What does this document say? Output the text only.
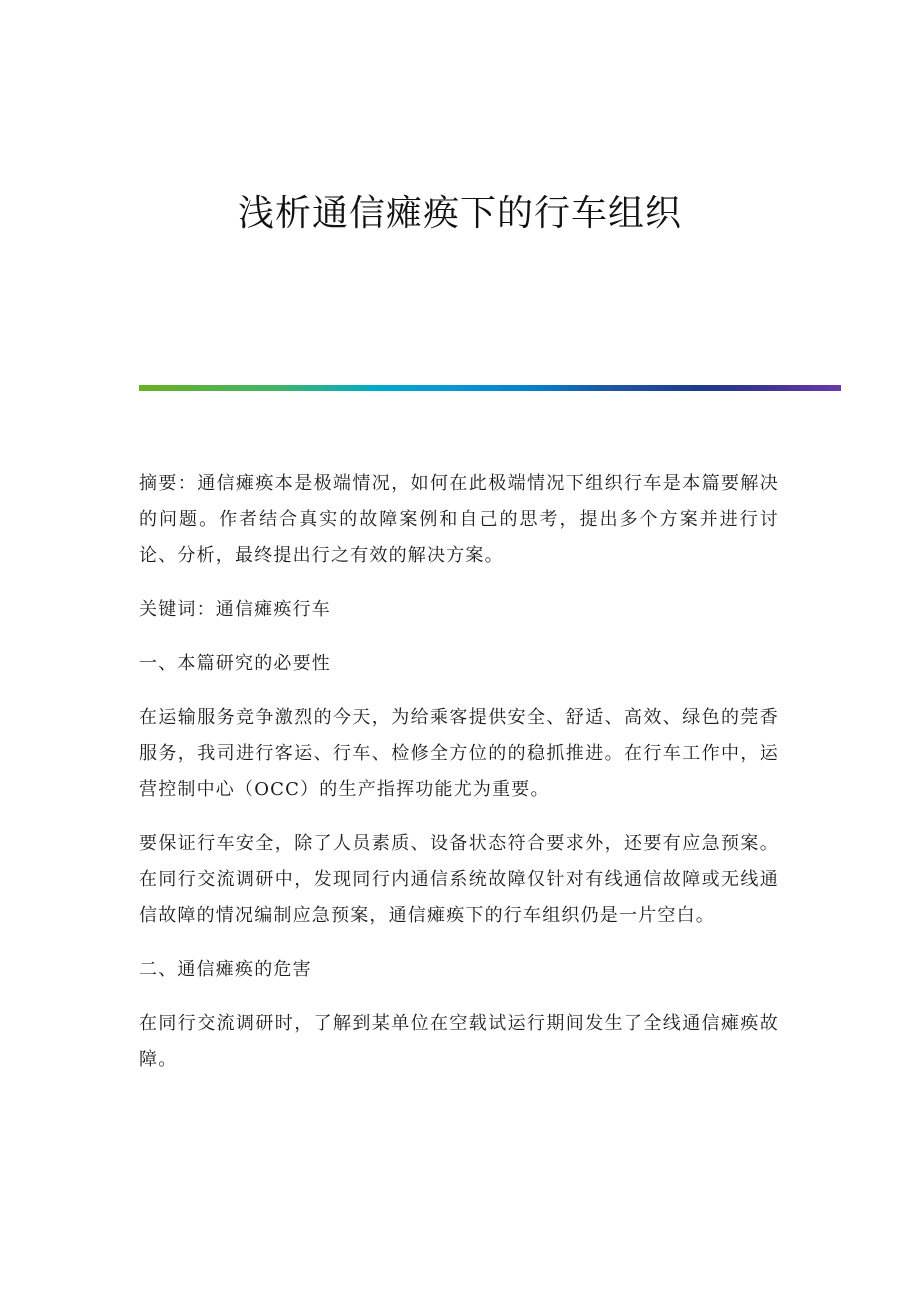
浅析通信瘫痪下的行车组织

摘要：通信瘫痪本是极端情况，如何在此极端情况下组织行车是本篇要解决的问题。作者结合真实的故障案例和自己的思考，提出多个方案并进行讨论、分析，最终提出行之有效的解决方案。

关键词：通信瘫痪行车

一、本篇研究的必要性

在运输服务竞争激烈的今天，为给乘客提供安全、舒适、高效、绿色的莞香服务，我司进行客运、行车、检修全方位的的稳抓推进。在行车工作中，运营控制中心（OCC）的生产指挥功能尤为重要。

要保证行车安全，除了人员素质、设备状态符合要求外，还要有应急预案。在同行交流调研中，发现同行内通信系统故障仅针对有线通信故障或无线通信故障的情况编制应急预案，通信瘫痪下的行车组织仍是一片空白。

二、通信瘫痪的危害

在同行交流调研时，了解到某单位在空载试运行期间发生了全线通信瘫痪故障。
